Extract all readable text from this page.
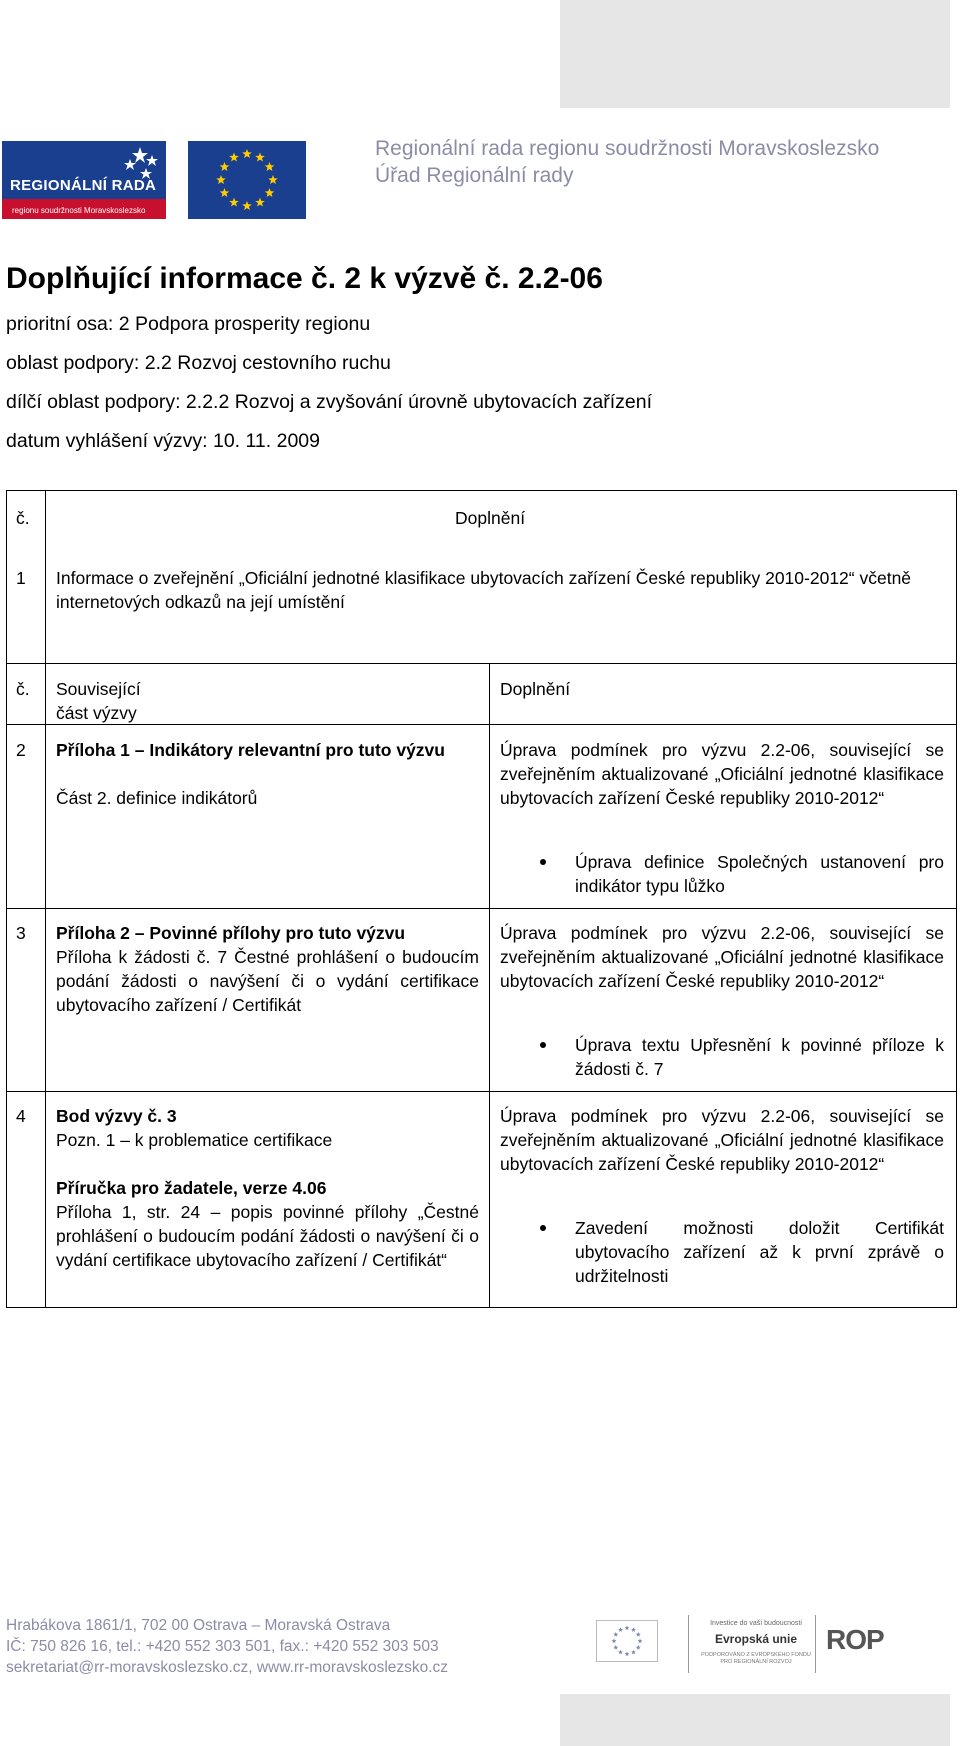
REGIONÁLNÍ RADA
regionu soudržnosti Moravskoslezsko
Regionální rada regionu soudržnosti Moravskoslezsko
Úřad Regionální rady
Doplňující informace č. 2 k výzvě č. 2.2-06
prioritní osa: 2 Podpora prosperity regionu
oblast podpory: 2.2 Rozvoj cestovního ruchu
dílčí oblast podpory: 2.2.2 Rozvoj a zvyšování úrovně ubytovacích zařízení
datum vyhlášení výzvy: 10. 11. 2009
č.	Doplnění
1 Informace o zveřejnění „Oficiální jednotné klasifikace ubytovacích zařízení České republiky 2010-2012“ včetně internetových odkazů na její umístění
č. Související část výzvy
Doplnění
2 Příloha 1 – Indikátory relevantní pro tuto výzvu
Část 2. definice indikátorů
Úprava podmínek pro výzvu 2.2-06, související se zveřejněním aktualizované „Oficiální jednotné klasifikace ubytovacích zařízení České republiky 2010-2012“
Úprava definice Společných ustanovení pro indikátor typu lůžko
3 Příloha 2 – Povinné přílohy pro tuto výzvu
Příloha k žádosti č. 7 Čestné prohlášení o budoucím podání žádosti o navýšení či o vydání certifikace ubytovacího zařízení / Certifikát
Úprava podmínek pro výzvu 2.2-06, související se zveřejněním aktualizované „Oficiální jednotné klasifikace ubytovacích zařízení České republiky 2010-2012“
Úprava textu Upřesnění k povinné příloze k žádosti č. 7
4 Bod výzvy č. 3
Pozn. 1 – k problematice certifikace
Příručka pro žadatele, verze 4.06
Příloha 1, str. 24 – popis povinné přílohy „Čestné prohlášení o budoucím podání žádosti o navýšení či o vydání certifikace ubytovacího zařízení / Certifikát“
Úprava podmínek pro výzvu 2.2-06, související se zveřejněním aktualizované „Oficiální jednotné klasifikace ubytovacích zařízení České republiky 2010-2012“
Zavedení možnosti doložit Certifikát ubytovacího zařízení až k první zprávě o udržitelnosti
Hrabákova 1861/1, 702 00 Ostrava – Moravská Ostrava
IČ: 750 826 16, tel.: +420 552 303 501, fax.: +420 552 303 503
sekretariat@rr-moravskoslezsko.cz, www.rr-moravskoslezsko.cz
Investice do vaší budoucnosti
Evropská unie
PODPOROVÁNO Z EVROPSKÉHO FONDU PRO REGIONÁLNÍ ROZVOJ
ROP
